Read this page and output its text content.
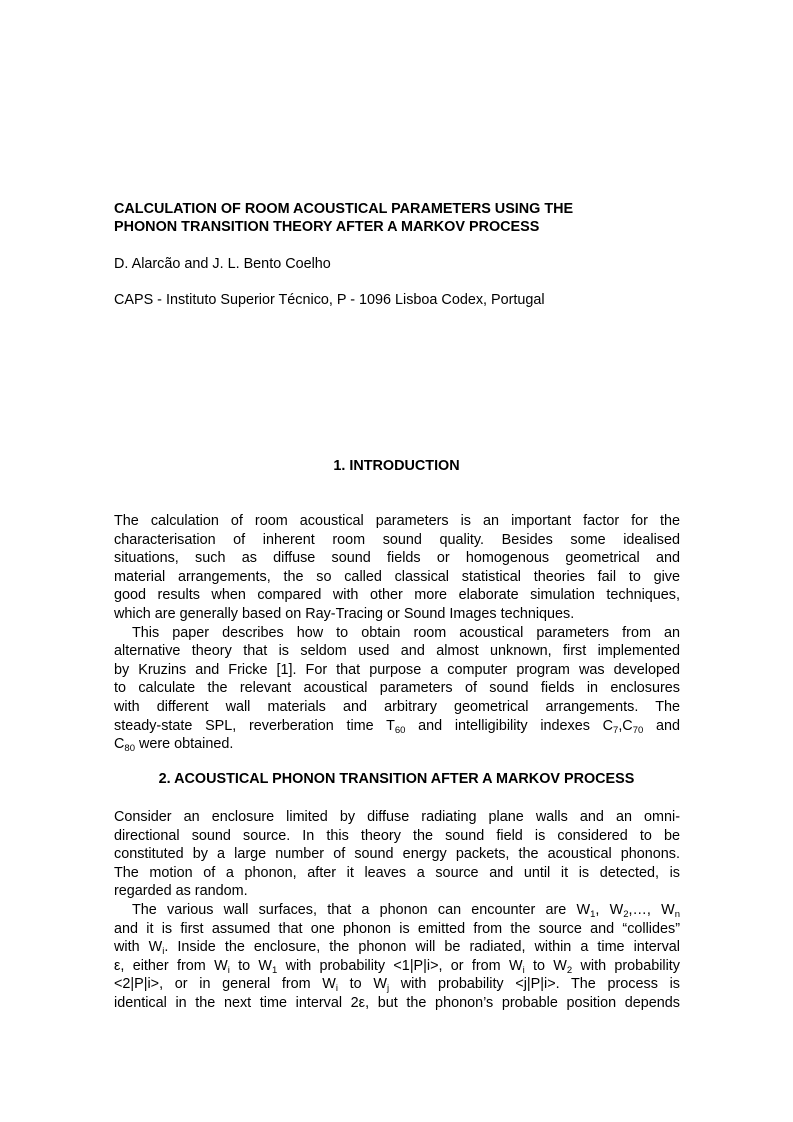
CALCULATION OF ROOM ACOUSTICAL PARAMETERS USING THE
PHONON TRANSITION THEORY AFTER A MARKOV PROCESS
D. Alarcão and J. L. Bento Coelho
CAPS - Instituto Superior Técnico, P - 1096 Lisboa Codex, Portugal
1. INTRODUCTION
The calculation of room acoustical parameters is an important factor for the
characterisation of inherent room sound quality. Besides some idealised
situations, such as diffuse sound fields or homogenous geometrical and
material arrangements, the so called classical statistical theories fail to give
good results when compared with other more elaborate simulation techniques,
which are generally based on Ray-Tracing or Sound Images techniques.
This paper describes how to obtain room acoustical parameters from an
alternative theory that is seldom used and almost unknown, first implemented
by Kruzins and Fricke [1]. For that purpose a computer program was developed
to calculate the relevant acoustical parameters of sound fields in enclosures
with different wall materials and arbitrary geometrical arrangements. The
steady-state SPL, reverberation time $T_{60}$ and intelligibility indexes $C_7,C_{70}$ and
$C_{80}$ were obtained.
2. ACOUSTICAL PHONON TRANSITION AFTER A MARKOV PROCESS
Consider an enclosure limited by diffuse radiating plane walls and an omni-
directional sound source. In this theory the sound field is considered to be
constituted by a large number of sound energy packets, the acoustical phonons.
The motion of a phonon, after it leaves a source and until it is detected, is
regarded as random.
The various wall surfaces, that a phonon can encounter are $W_1$, $W_2,\dots$, $W_n$
and it is first assumed that one phonon is emitted from the source and “collides”
with $W_i$. Inside the enclosure, the phonon will be radiated, within a time interval
ε, either from $W_i$ to $W_1$ with probability <1|P|i>, or from $W_i$ to $W_2$ with probability
<2|P|i>, or in general from $W_i$ to $W_j$ with probability <j|P|i>. The process is
identical in the next time interval 2ε, but the phonon’s probable position depends
